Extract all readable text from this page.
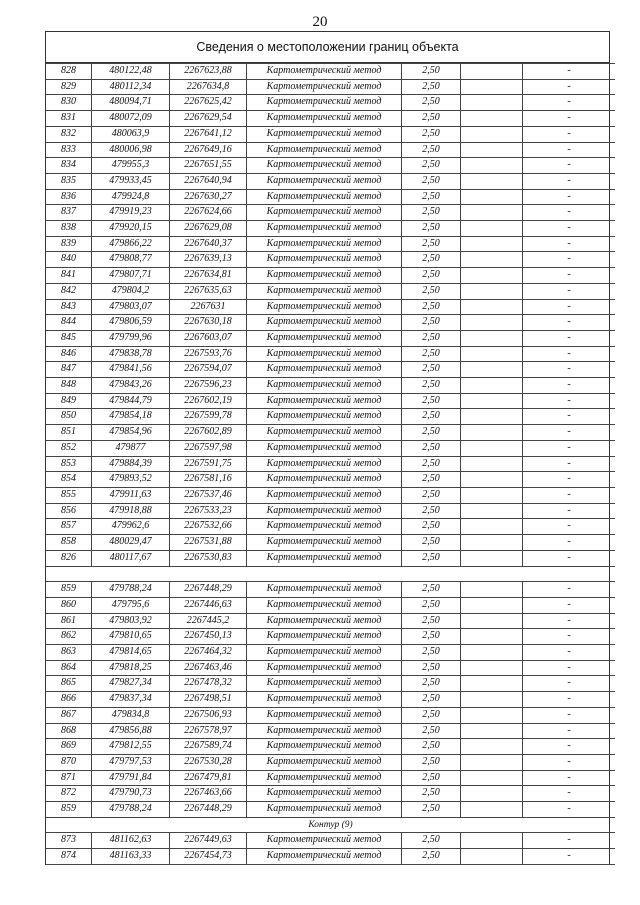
20
Сведения о местоположении границ объекта
828	480122,48	2267623,88	Картометрический метод	2,50		-
829	480112,34	2267634,8	Картометрический метод	2,50		-
830	480094,71	2267625,42	Картометрический метод	2,50		-
831	480072,09	2267629,54	Картометрический метод	2,50		-
832	480063,9	2267641,12	Картометрический метод	2,50		-
833	480006,98	2267649,16	Картометрический метод	2,50		-
834	479955,3	2267651,55	Картометрический метод	2,50		-
835	479933,45	2267640,94	Картометрический метод	2,50		-
836	479924,8	2267630,27	Картометрический метод	2,50		-
837	479919,23	2267624,66	Картометрический метод	2,50		-
838	479920,15	2267629,08	Картометрический метод	2,50		-
839	479866,22	2267640,37	Картометрический метод	2,50		-
840	479808,77	2267639,13	Картометрический метод	2,50		-
841	479807,71	2267634,81	Картометрический метод	2,50		-
842	479804,2	2267635,63	Картометрический метод	2,50		-
843	479803,07	2267631	Картометрический метод	2,50		-
844	479806,59	2267630,18	Картометрический метод	2,50		-
845	479799,96	2267603,07	Картометрический метод	2,50		-
846	479838,78	2267593,76	Картометрический метод	2,50		-
847	479841,56	2267594,07	Картометрический метод	2,50		-
848	479843,26	2267596,23	Картометрический метод	2,50		-
849	479844,79	2267602,19	Картометрический метод	2,50		-
850	479854,18	2267599,78	Картометрический метод	2,50		-
851	479854,96	2267602,89	Картометрический метод	2,50		-
852	479877	2267597,98	Картометрический метод	2,50		-
853	479884,39	2267591,75	Картометрический метод	2,50		-
854	479893,52	2267581,16	Картометрический метод	2,50		-
855	479911,63	2267537,46	Картометрический метод	2,50		-
856	479918,88	2267533,23	Картометрический метод	2,50		-
857	479962,6	2267532,66	Картометрический метод	2,50		-
858	480029,47	2267531,88	Картометрический метод	2,50		-
826	480117,67	2267530,83	Картометрический метод	2,50		-

859	479788,24	2267448,29	Картометрический метод	2,50		-
860	479795,6	2267446,63	Картометрический метод	2,50		-
861	479803,92	2267445,2	Картометрический метод	2,50		-
862	479810,65	2267450,13	Картометрический метод	2,50		-
863	479814,65	2267464,32	Картометрический метод	2,50		-
864	479818,25	2267463,46	Картометрический метод	2,50		-
865	479827,34	2267478,32	Картометрический метод	2,50		-
866	479837,34	2267498,51	Картометрический метод	2,50		-
867	479834,8	2267506,93	Картометрический метод	2,50		-
868	479856,88	2267578,97	Картометрический метод	2,50		-
869	479812,55	2267589,74	Картометрический метод	2,50		-
870	479797,53	2267530,28	Картометрический метод	2,50		-
871	479791,84	2267479,81	Картометрический метод	2,50		-
872	479790,73	2267463,66	Картометрический метод	2,50		-
859	479788,24	2267448,29	Картометрический метод	2,50		-
Контур (9)						
873	481162,63	2267449,63	Картометрический метод	2,50		-
874	481163,33	2267454,73	Картометрический метод	2,50		-
